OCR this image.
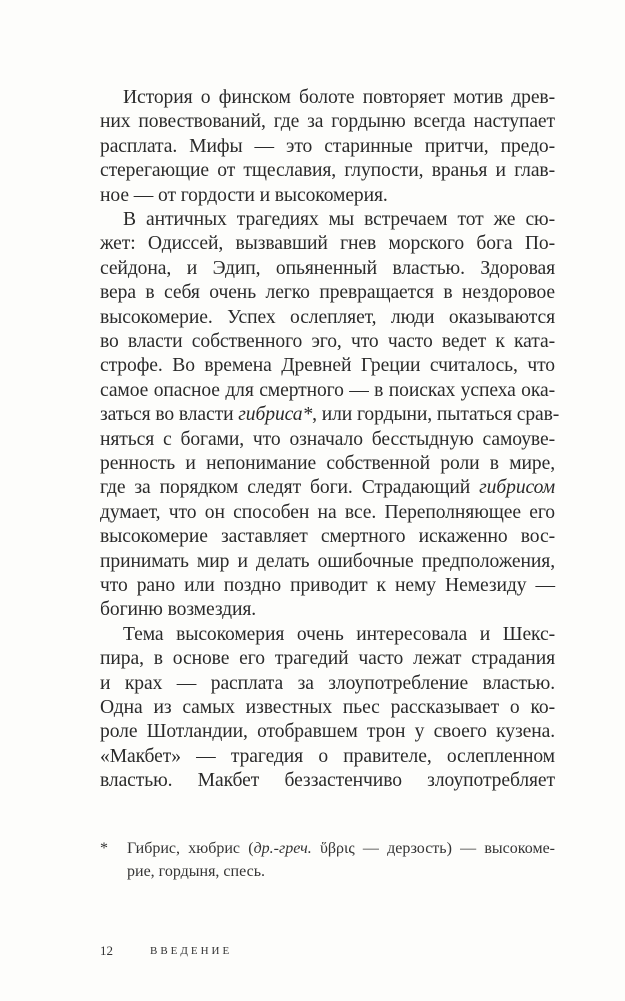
История о финском болоте повторяет мотив древ-
них повествований, где за гордыню всегда наступает
расплата. Мифы — это старинные притчи, предо-
стерегающие от тщеславия, глупости, вранья и глав-
ное — от гордости и высокомерия.
В античных трагедиях мы встречаем тот же сю-
жет: Одиссей, вызвавший гнев морского бога По-
сейдона, и Эдип, опьяненный властью. Здоровая
вера в себя очень легко превращается в нездоровое
высокомерие. Успех ослепляет, люди оказываются
во власти собственного эго, что часто ведет к ката-
строфе. Во времена Древней Греции считалось, что
самое опасное для смертного — в поисках успеха ока-
заться во власти гибриса*, или гордыни, пытаться срав-
няться с богами, что означало бесстыдную самоуве-
ренность и непонимание собственной роли в мире,
где за порядком следят боги. Страдающий гибрисом
думает, что он способен на все. Переполняющее его
высокомерие заставляет смертного искаженно вос-
принимать мир и делать ошибочные предположения,
что рано или поздно приводит к нему Немезиду —
богиню возмездия.
Тема высокомерия очень интересовала и Шекс-
пира, в основе его трагедий часто лежат страдания
и крах — расплата за злоупотребление властью.
Одна из самых известных пьес рассказывает о ко-
роле Шотландии, отобравшем трон у своего кузена.
«Макбет» — трагедия о правителе, ослепленном
властью. Макбет беззастенчиво злоупотребляет
* Гибрис, хюбрис (др.-греч. ὕβρις — дерзость) — высокоме-
рие, гордыня, спесь.
12	ВВЕДЕНИЕ
